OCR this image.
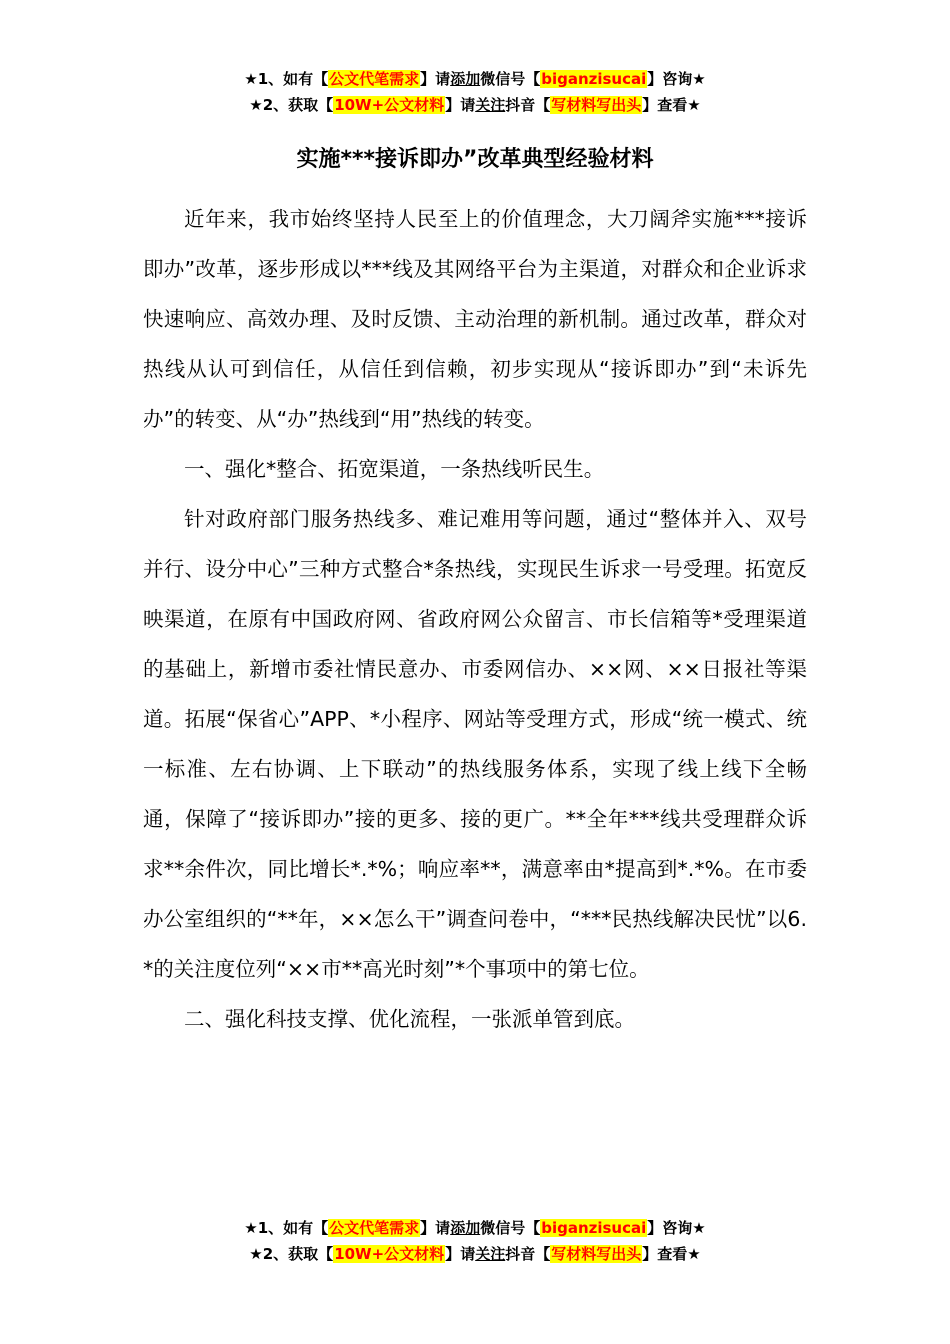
★1、如有【公文代笔需求】请添加微信号【biganzisucai】咨询★
★2、获取【10W+公文材料】请关注抖音【写材料写出头】查看★
实施***接诉即办”改革典型经验材料

近年来，我市始终坚持人民至上的价值理念，大刀阔斧实施***接诉即办”改革，逐步形成以***线及其网络平台为主渠道，对群众和企业诉求快速响应、高效办理、及时反馈、主动治理的新机制。通过改革，群众对热线从认可到信任，从信任到信赖，初步实现从“接诉即办”到“未诉先办”的转变、从“办”热线到“用”热线的转变。

一、强化*整合、拓宽渠道，一条热线听民生。

针对政府部门服务热线多、难记难用等问题，通过“整体并入、双号并行、设分中心”三种方式整合*条热线，实现民生诉求一号受理。拓宽反映渠道，在原有中国政府网、省政府网公众留言、市长信箱等*受理渠道的基础上，新增市委社情民意办、市委网信办、××网、××日报社等渠道。拓展“保省心”APP、*小程序、网站等受理方式，形成“统一模式、统一标准、左右协调、上下联动”的热线服务体系，实现了线上线下全畅通，保障了“接诉即办”接的更多、接的更广。**全年***线共受理群众诉求**余件次，同比增长*.*%；响应率**，满意率由*提高到*.*%。在市委办公室组织的“**年，××怎么干”调查问卷中，“***民热线解决民忧”以6.*的关注度位列“××市**高光时刻”*个事项中的第七位。

二、强化科技支撑、优化流程，一张派单管到底。

★1、如有【公文代笔需求】请添加微信号【biganzisucai】咨询★
★2、获取【10W+公文材料】请关注抖音【写材料写出头】查看★
